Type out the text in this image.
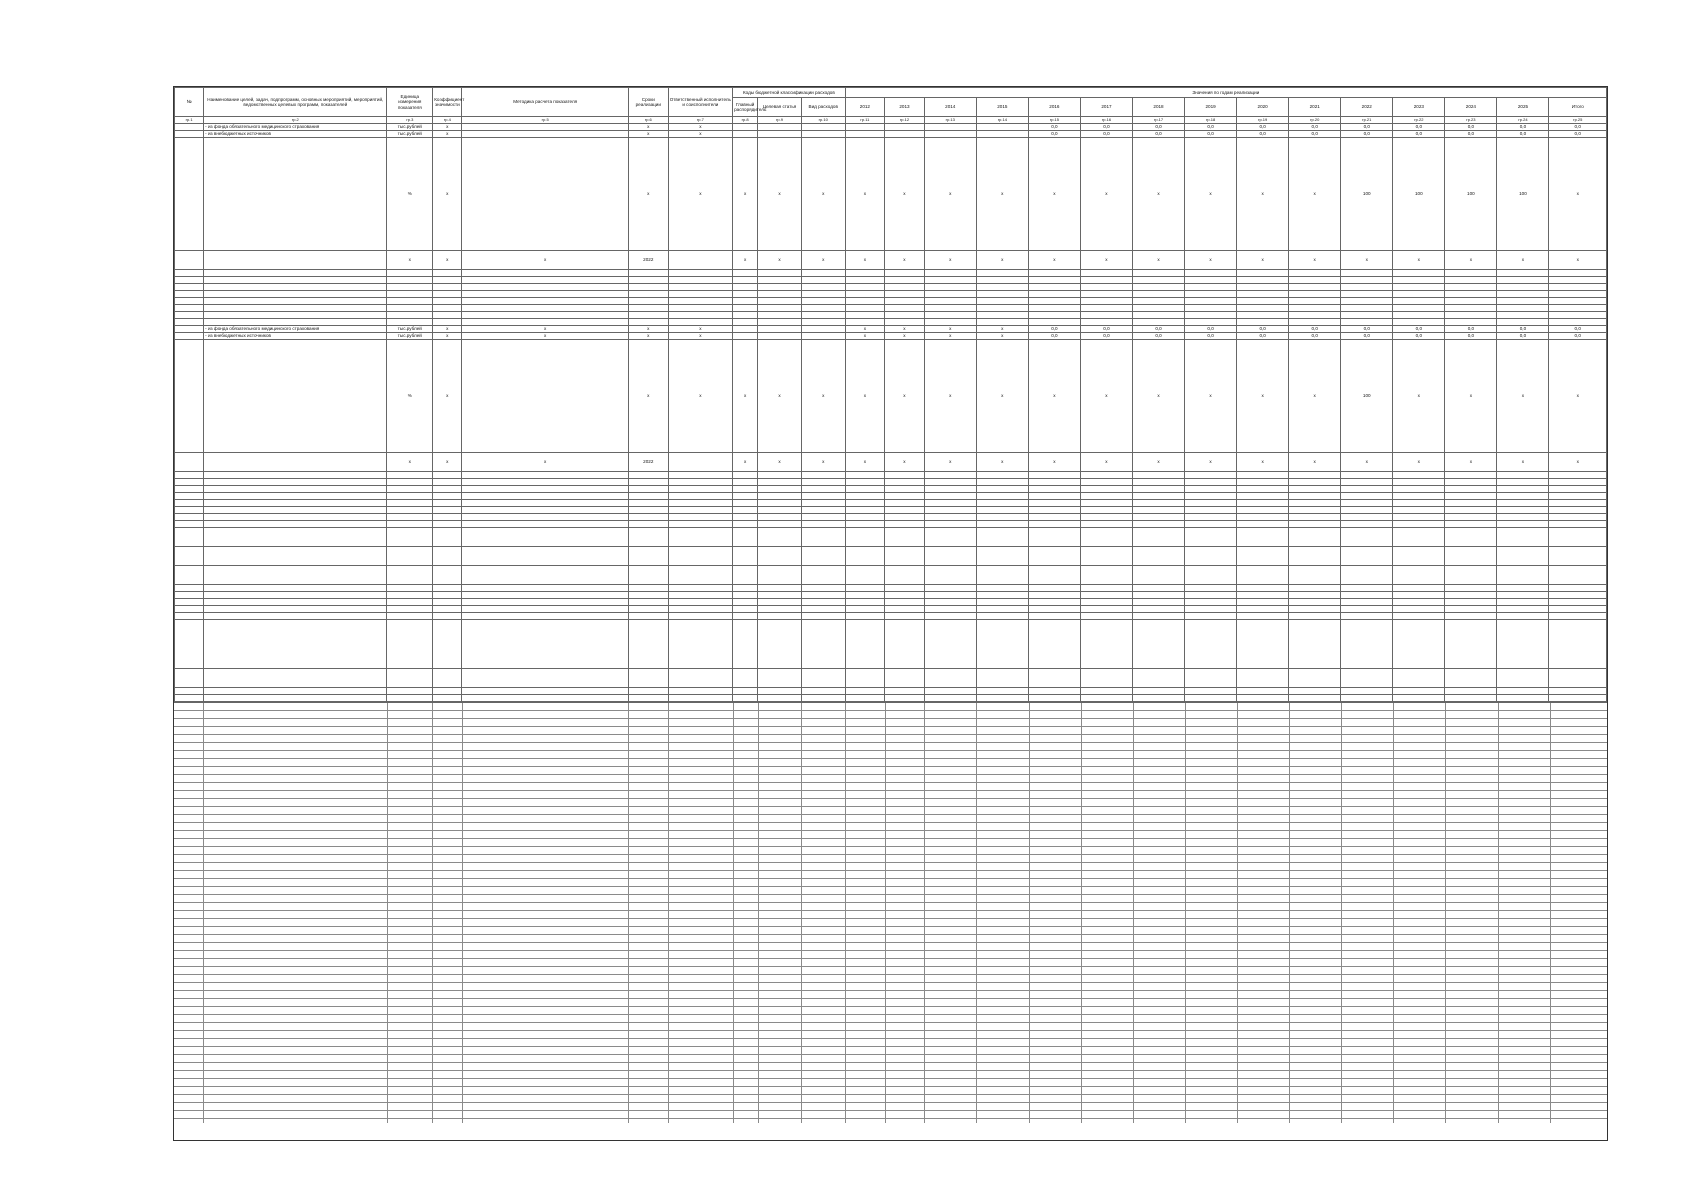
№	Наименование целей, задач, подпрограмм, основных мероприятий, мероприятий, ведомственных целевых программ, показателей	Единица измерения показателя	Коэффициент значимости	Методика расчета показателя	Сроки реализации	Ответственный исполнитель и соисполнители	Коды бюджетной классификации расходов			Значения по годам реализации														
							Главный распорядитель	Целевая статья	Вид расходов	2012	2013	2014	2015	2016	2017	2018	2019	2020	2021	2022	2023	2024	2025	Итого
гр.1	гр.2	гр.3	гр.4	гр.5	гр.6	гр.7	гр.8	гр.9	гр.10	гр.11	гр.12	гр.13	гр.14	гр.15	гр.16	гр.17	гр.18	гр.19	гр.20	гр.21	гр.22	гр.23	гр.24	гр.25
	- из фонда обязательного медицинского страхования	тыс.рублей	х		х	х								0,0	0,0	0,0	0,0	0,0	0,0	0,0	0,0	0,0	0,0	0,0
	- из внебюджетных источников	тыс.рублей	х		х	х								0,0	0,0	0,0	0,0	0,0	0,0	0,0	0,0	0,0	0,0	0,0
		%	х		х	х	х	х	х	х	х	х	х	х	х	х	х	х	х	100	100	100	100	х
		х	х	х	2022		х	х	х	х	х	х	х	х	х	х	х	х	х	х	х	х	х	х

	- из фонда обязательного медицинского страхования	тыс.рублей	х	х	х	х				х	х	х	х	0,0	0,0	0,0	0,0	0,0	0,0	0,0	0,0	0,0	0,0	0,0
	- из внебюджетных источников	тыс.рублей	х	х	х	х				х	х	х	х	0,0	0,0	0,0	0,0	0,0	0,0	0,0	0,0	0,0	0,0	0,0
		%	х		х	х	х	х	х	х	х	х	х	х	х	х	х	х	х	100	х	х	х	х
		х	х	х	2022		х	х	х	х	х	х	х	х	х	х	х	х	х	х	х	х	х	х
